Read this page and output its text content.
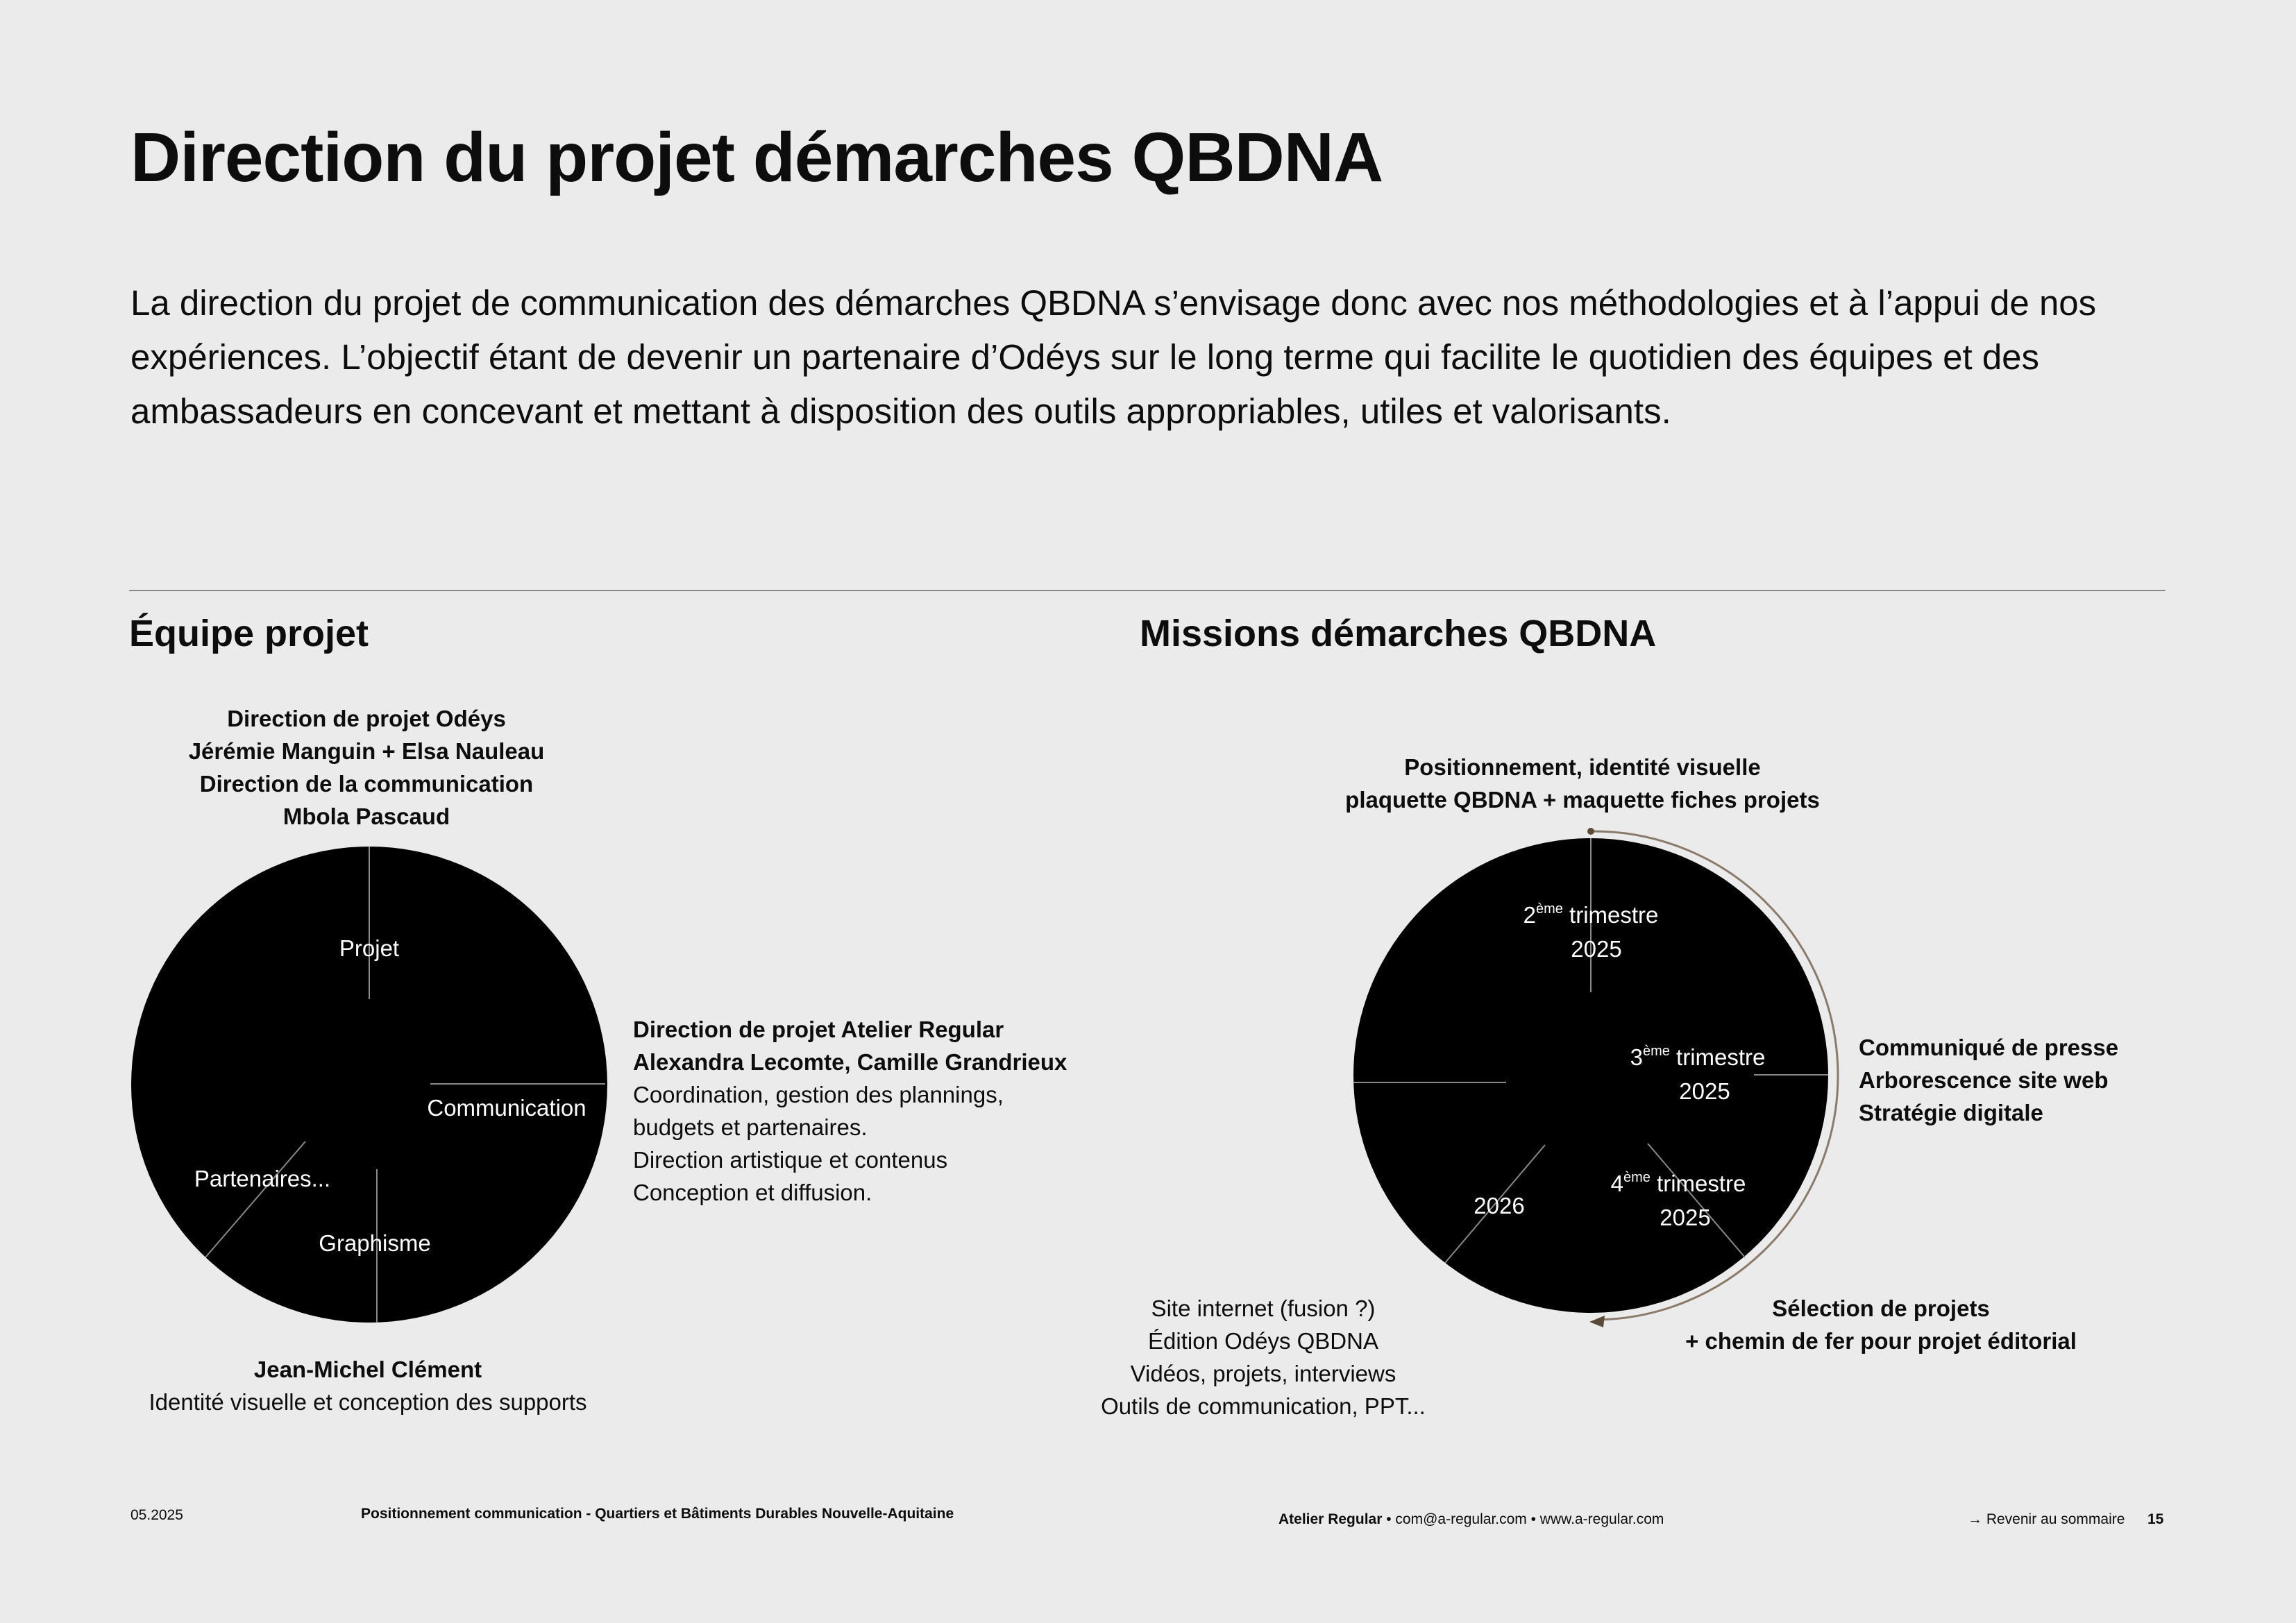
Direction du projet démarches QBDNA
La direction du projet de communication des démarches QBDNA s’envisage donc avec nos méthodologies et à l’appui de nos expériences. L’objectif étant de devenir un partenaire d’Odéys sur le long terme qui facilite le quotidien des équipes et des ambassadeurs en concevant et mettant à disposition des outils appropriables, utiles et valorisants.
Équipe projet	Missions démarches QBDNA
Projet
Communication
Partenaires...
Graphisme
2ème trimestre
2025
3ème trimestre
2025
4ème trimestre
2025
2026
Direction de projet Odéys
Jérémie Manguin + Elsa Nauleau
Direction de la communication
Mbola Pascaud
Direction de projet Atelier Regular
Alexandra Lecomte, Camille Grandrieux
Coordination, gestion des plannings,
budgets et partenaires.
Direction artistique et contenus
Conception et diffusion.
Jean-Michel Clément
Identité visuelle et conception des supports
Positionnement, identité visuelle
plaquette QBDNA + maquette fiches projets
Communiqué de presse
Arborescence site web
Stratégie digitale
Sélection de projets
+ chemin de fer pour projet éditorial
Site internet (fusion ?)
Édition Odéys QBDNA
Vidéos, projets, interviews
Outils de communication, PPT...
05.2025	Positionnement communication - Quartiers et Bâtiments Durables Nouvelle-Aquitaine	Atelier Regular • com@a-regular.com • www.a-regular.com	→ Revenir au sommaire 15
